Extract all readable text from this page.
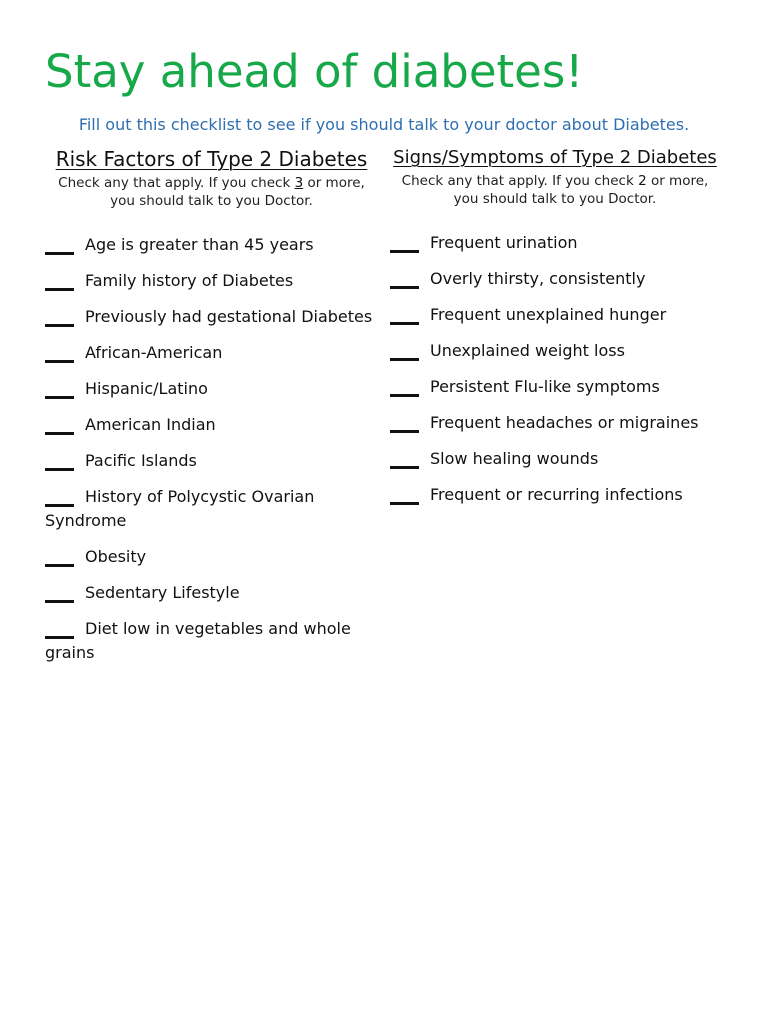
Stay ahead of diabetes!

Fill out this checklist to see if you should talk to your doctor about Diabetes.

Risk Factors of Type 2 Diabetes

Check any that apply. If you check 3 or more, you should talk to you Doctor.

Age is greater than 45 years
Family history of Diabetes
Previously had gestational Diabetes
African-American
Hispanic/Latino
American Indian
Pacific Islands
History of Polycystic Ovarian Syndrome
Obesity
Sedentary Lifestyle
Diet low in vegetables and whole grains
Signs/Symptoms of Type 2 Diabetes

Check any that apply. If you check 2 or more, you should talk to you Doctor.

Frequent urination
Overly thirsty, consistently
Frequent unexplained hunger
Unexplained weight loss
Persistent Flu-like symptoms
Frequent headaches or migraines
Slow healing wounds
Frequent or recurring infections
